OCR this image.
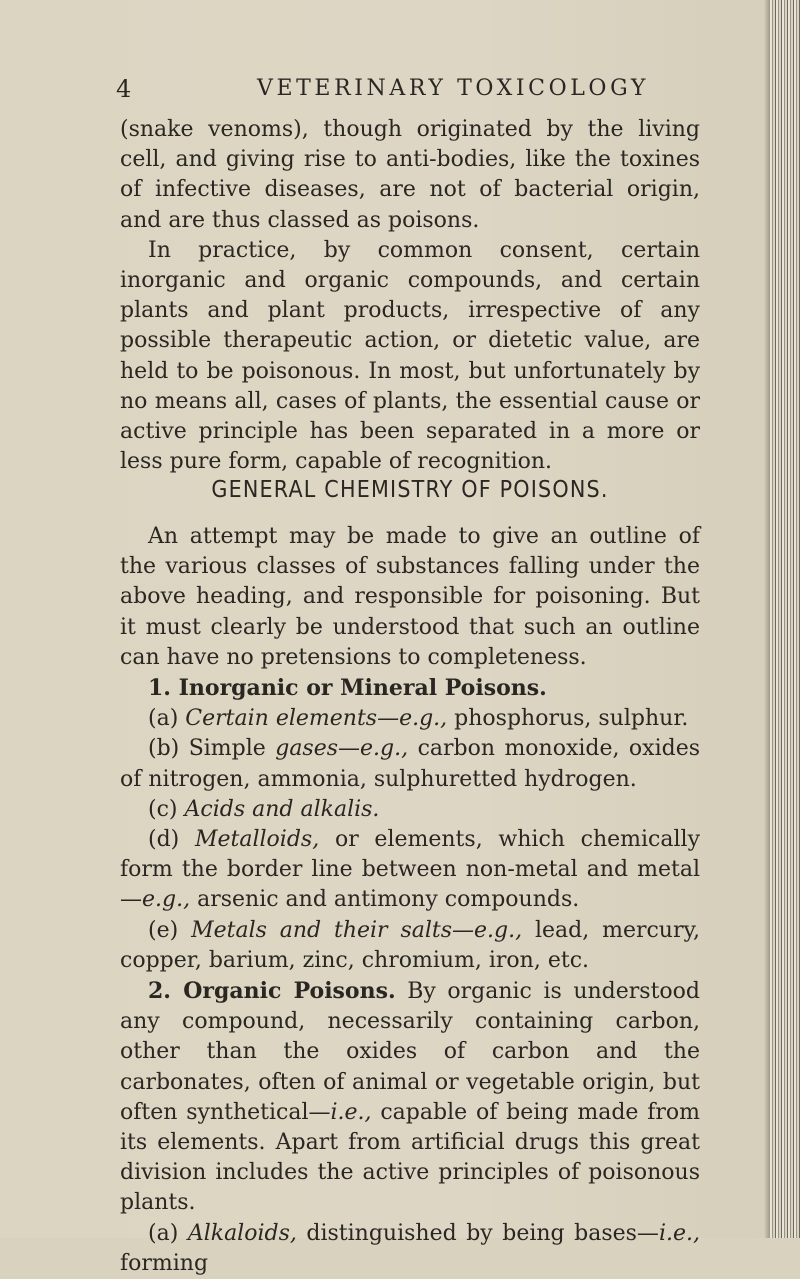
4	VETERINARY TOXICOLOGY

(snake venoms), though originated by the living cell, and giving rise to anti-bodies, like the toxines of infective diseases, are not of bacterial origin, and are thus classed as poisons.

In practice, by common consent, certain inorganic and organic compounds, and certain plants and plant products, irrespective of any possible therapeutic action, or dietetic value, are held to be poisonous. In most, but unfortunately by no means all, cases of plants, the essential cause or active principle has been separated in a more or less pure form, capable of recognition.

GENERAL CHEMISTRY OF POISONS.

An attempt may be made to give an outline of the various classes of substances falling under the above heading, and responsible for poisoning. But it must clearly be understood that such an outline can have no pretensions to completeness.

1. Inorganic or Mineral Poisons.

(a) Certain elements—e.g., phosphorus, sulphur.

(b) Simple gases—e.g., carbon monoxide, oxides of nitrogen, ammonia, sulphuretted hydrogen.

(c) Acids and alkalis.

(d) Metalloids, or elements, which chemically form the border line between non-metal and metal—e.g., arsenic and antimony compounds.

(e) Metals and their salts—e.g., lead, mercury, copper, barium, zinc, chromium, iron, etc.

2. Organic Poisons. By organic is understood any compound, necessarily containing carbon, other than the oxides of carbon and the carbonates, often of animal or vegetable origin, but often synthetical—i.e., capable of being made from its elements. Apart from artificial drugs this great division includes the active principles of poisonous plants.

(a) Alkaloids, distinguished by being bases—i.e., forming
